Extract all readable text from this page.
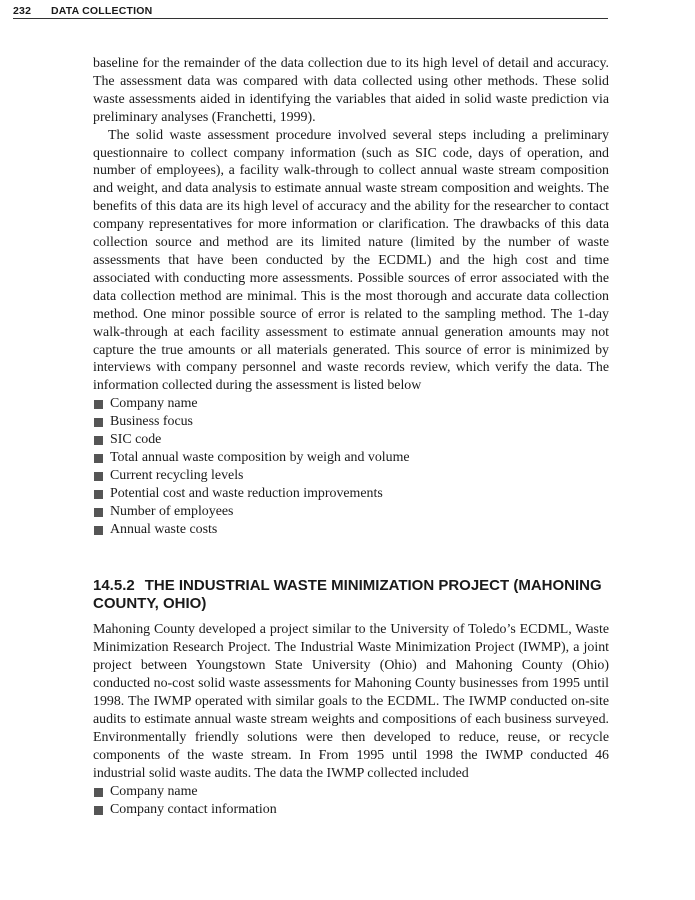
232 DATA COLLECTION

baseline for the remainder of the data collection due to its high level of detail and accuracy. The assessment data was compared with data collected using other methods. These solid waste assessments aided in identifying the variables that aided in solid waste prediction via preliminary analyses (Franchetti, 1999).

The solid waste assessment procedure involved several steps including a preliminary questionnaire to collect company information (such as SIC code, days of operation, and number of employees), a facility walk-through to collect annual waste stream composition and weight, and data analysis to estimate annual waste stream composition and weights. The benefits of this data are its high level of accuracy and the ability for the researcher to contact company representatives for more information or clarification. The drawbacks of this data collection source and method are its limited nature (limited by the number of waste assessments that have been conducted by the ECDML) and the high cost and time associated with conducting more assessments. Possible sources of error associated with the data collection method are minimal. This is the most thorough and accurate data collection method. One minor possible source of error is related to the sampling method. The 1-day walk-through at each facility assessment to estimate annual generation amounts may not capture the true amounts or all materials generated. This source of error is minimized by interviews with company personnel and waste records review, which verify the data. The information collected during the assessment is listed below

Company name
Business focus
SIC code
Total annual waste composition by weigh and volume
Current recycling levels
Potential cost and waste reduction improvements
Number of employees
Annual waste costs
14.5.2 THE INDUSTRIAL WASTE MINIMIZATION PROJECT (MAHONING COUNTY, OHIO)

Mahoning County developed a project similar to the University of Toledo’s ECDML, Waste Minimization Research Project. The Industrial Waste Minimization Project (IWMP), a joint project between Youngstown State University (Ohio) and Mahoning County (Ohio) conducted no-cost solid waste assessments for Mahoning County businesses from 1995 until 1998. The IWMP operated with similar goals to the ECDML. The IWMP conducted on-site audits to estimate annual waste stream weights and compositions of each business surveyed. Environmentally friendly solutions were then developed to reduce, reuse, or recycle components of the waste stream. In From 1995 until 1998 the IWMP conducted 46 industrial solid waste audits. The data the IWMP collected included

Company name
Company contact information
